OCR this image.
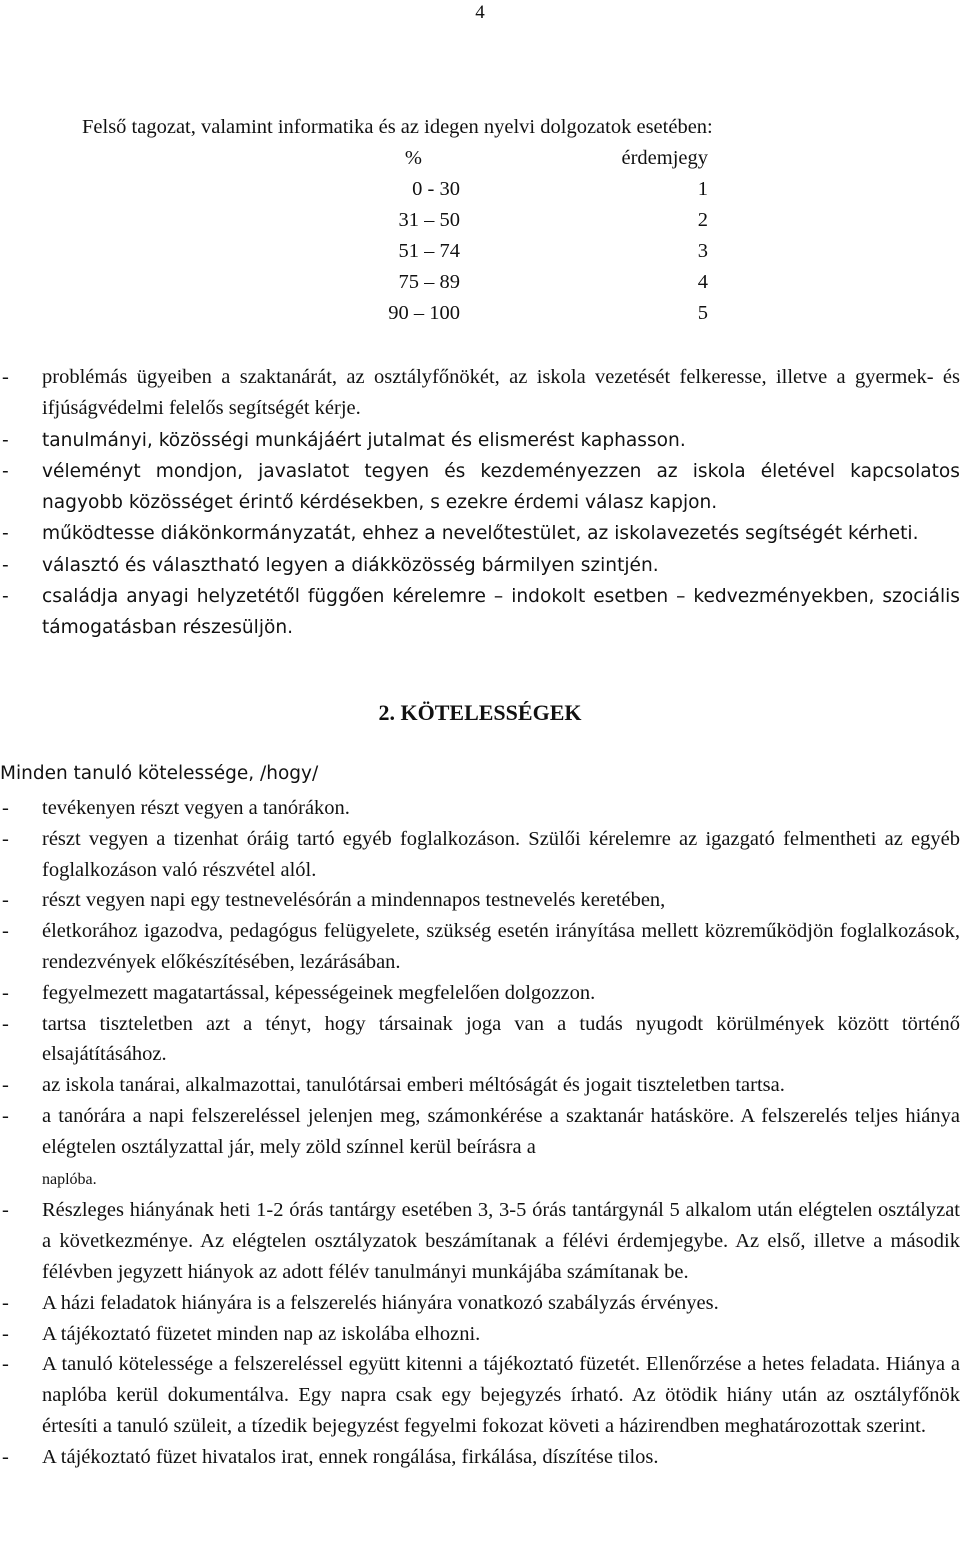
4
Felső tagozat, valamint informatika és az idegen nyelvi dolgozatok esetében:
%	érdemjegy
0 - 30	1
31 – 50	2
51 – 74	3
75 – 89	4
90 – 100	5
- problémás ügyeiben a szaktanárát, az osztályfőnökét, az iskola vezetését felkeresse, illetve a gyermek- és ifjúságvédelmi felelős segítségét kérje.
- tanulmányi, közösségi munkájáért jutalmat és elismerést kaphasson.
- véleményt mondjon, javaslatot tegyen és kezdeményezzen az iskola életével kapcsolatos nagyobb közösséget érintő kérdésekben, s ezekre érdemi válasz kapjon.
- működtesse diákönkormányzatát, ehhez a nevelőtestület, az iskolavezetés segítségét kérheti.
- választó és választható legyen a diákközösség bármilyen szintjén.
- családja anyagi helyzetétől függően kérelemre – indokolt esetben – kedvezményekben, szociális támogatásban részesüljön.
2. KÖTELESSÉGEK
Minden tanuló kötelessége, /hogy/
- tevékenyen részt vegyen a tanórákon.
- részt vegyen a tizenhat óráig tartó egyéb foglalkozáson. Szülői kérelemre az igazgató felmentheti az egyéb foglalkozáson való részvétel alól.
- részt vegyen napi egy testnevelésórán a mindennapos testnevelés keretében,
- életkorához igazodva, pedagógus felügyelete, szükség esetén irányítása mellett közreműködjön foglalkozások, rendezvények előkészítésében, lezárásában.
- fegyelmezett magatartással, képességeinek megfelelően dolgozzon.
- tartsa tiszteletben azt a tényt, hogy társainak joga van a tudás nyugodt körülmények között történő elsajátításához.
- az iskola tanárai, alkalmazottai, tanulótársai emberi méltóságát és jogait tiszteletben tartsa.
- a tanórára a napi felszereléssel jelenjen meg, számonkérése a szaktanár hatásköre. A felszerelés teljes hiánya elégtelen osztályzattal jár, mely zöld színnel kerül beírásra a
naplóba.
- Részleges hiányának heti 1-2 órás tantárgy esetében 3, 3-5 órás tantárgynál 5 alkalom után elégtelen osztályzat a következménye. Az elégtelen osztályzatok beszámítanak a félévi érdemjegybe. Az első, illetve a második félévben jegyzett hiányok az adott félév tanulmányi munkájába számítanak be.
- A házi feladatok hiányára is a felszerelés hiányára vonatkozó szabályzás érvényes.
- A tájékoztató füzetet minden nap az iskolába elhozni.
- A tanuló kötelessége a felszereléssel együtt kitenni a tájékoztató füzetét. Ellenőrzése a hetes feladata. Hiánya a naplóba kerül dokumentálva. Egy napra csak egy bejegyzés írható. Az ötödik hiány után az osztályfőnök értesíti a tanuló szüleit, a tízedik bejegyzést fegyelmi fokozat követi a házirendben meghatározottak szerint.
- A tájékoztató füzet hivatalos irat, ennek rongálása, firkálása, díszítése tilos.
